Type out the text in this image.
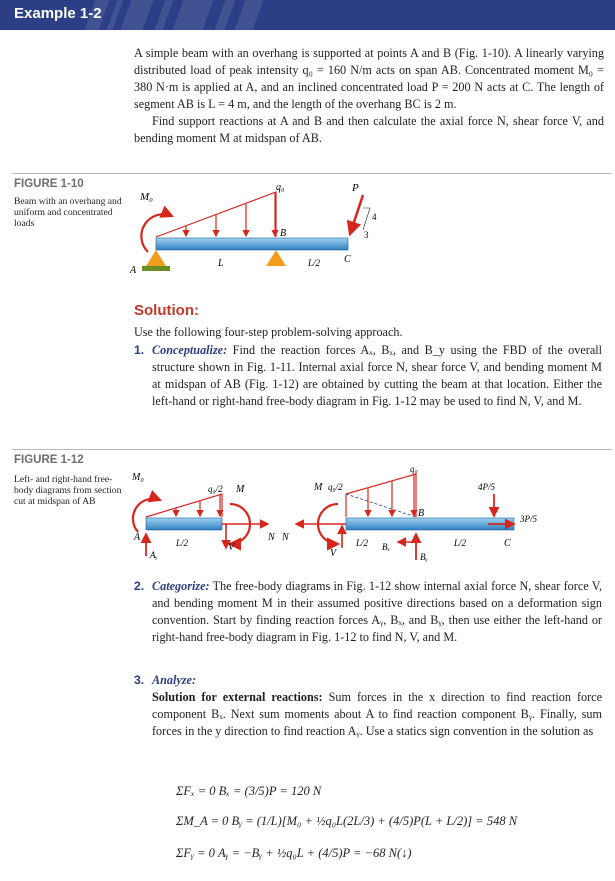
Example 1-2

A simple beam with an overhang is supported at points A and B (Fig. 1-10). A linearly varying distributed load of peak intensity q₀ = 160 N/m acts on span AB. Concentrated moment M₀ = 380 N·m is applied at A, and an inclined concentrated load P = 200 N acts at C. The length of segment AB is L = 4 m, and the length of the overhang BC is 2 m.

Find support reactions at A and B and then calculate the axial force N, shear force V, and bending moment M at midspan of AB.

FIGURE 1-10
Beam with an overhang and uniform and concentrated loads
M₀
q₀	P
4
3
A
B
C
L	L/2
Solution:
Use the following four-step problem-solving approach.
1. Conceptualize: Find the reaction forces Aₓ, Bₓ, and B_y using the FBD of the overall structure shown in Fig. 1-11. Internal axial force N, shear force V, and bending moment M at midspan of AB (Fig. 1-12) are obtained by cutting the beam at that location. Either the left-hand or right-hand free-body diagram in Fig. 1-12 may be used to find N, V, and M.
FIGURE 1-12
Left- and right-hand free-body diagrams from section cut at midspan of AB
M₀
q₀/2 M
A
Aᵧ
L/2	V
N N
M q₀/2
q₀
B
V
L/2 Bₓ
Bᵧ
L/2	C
4P/5
3P/5
2. Categorize: The free-body diagrams in Fig. 1-12 show internal axial force N, shear force V, and bending moment M in their assumed positive directions based on a deformation sign convention. Start by finding reaction forces Aᵧ, Bₓ, and Bᵧ, then use either the left-hand or right-hand free-body diagram in Fig. 1-12 to find N, V, and M.
3. Analyze:
Solution for external reactions: Sum forces in the x direction to find reaction force component Bₓ. Next sum moments about A to find reaction component Bᵧ. Finally, sum forces in the y direction to find reaction Aᵧ. Use a statics sign convention in the solution as
ΣFₓ = 0 Bₓ = (3/5)P = 120 N
ΣM_A = 0 Bᵧ = (1/L)[M₀ + ½q₀L(2L/3) + (4/5)P(L + L/2)] = 548 N
ΣFᵧ = 0 Aᵧ = −Bᵧ + ½q₀L + (4/5)P = −68 N(↓)
